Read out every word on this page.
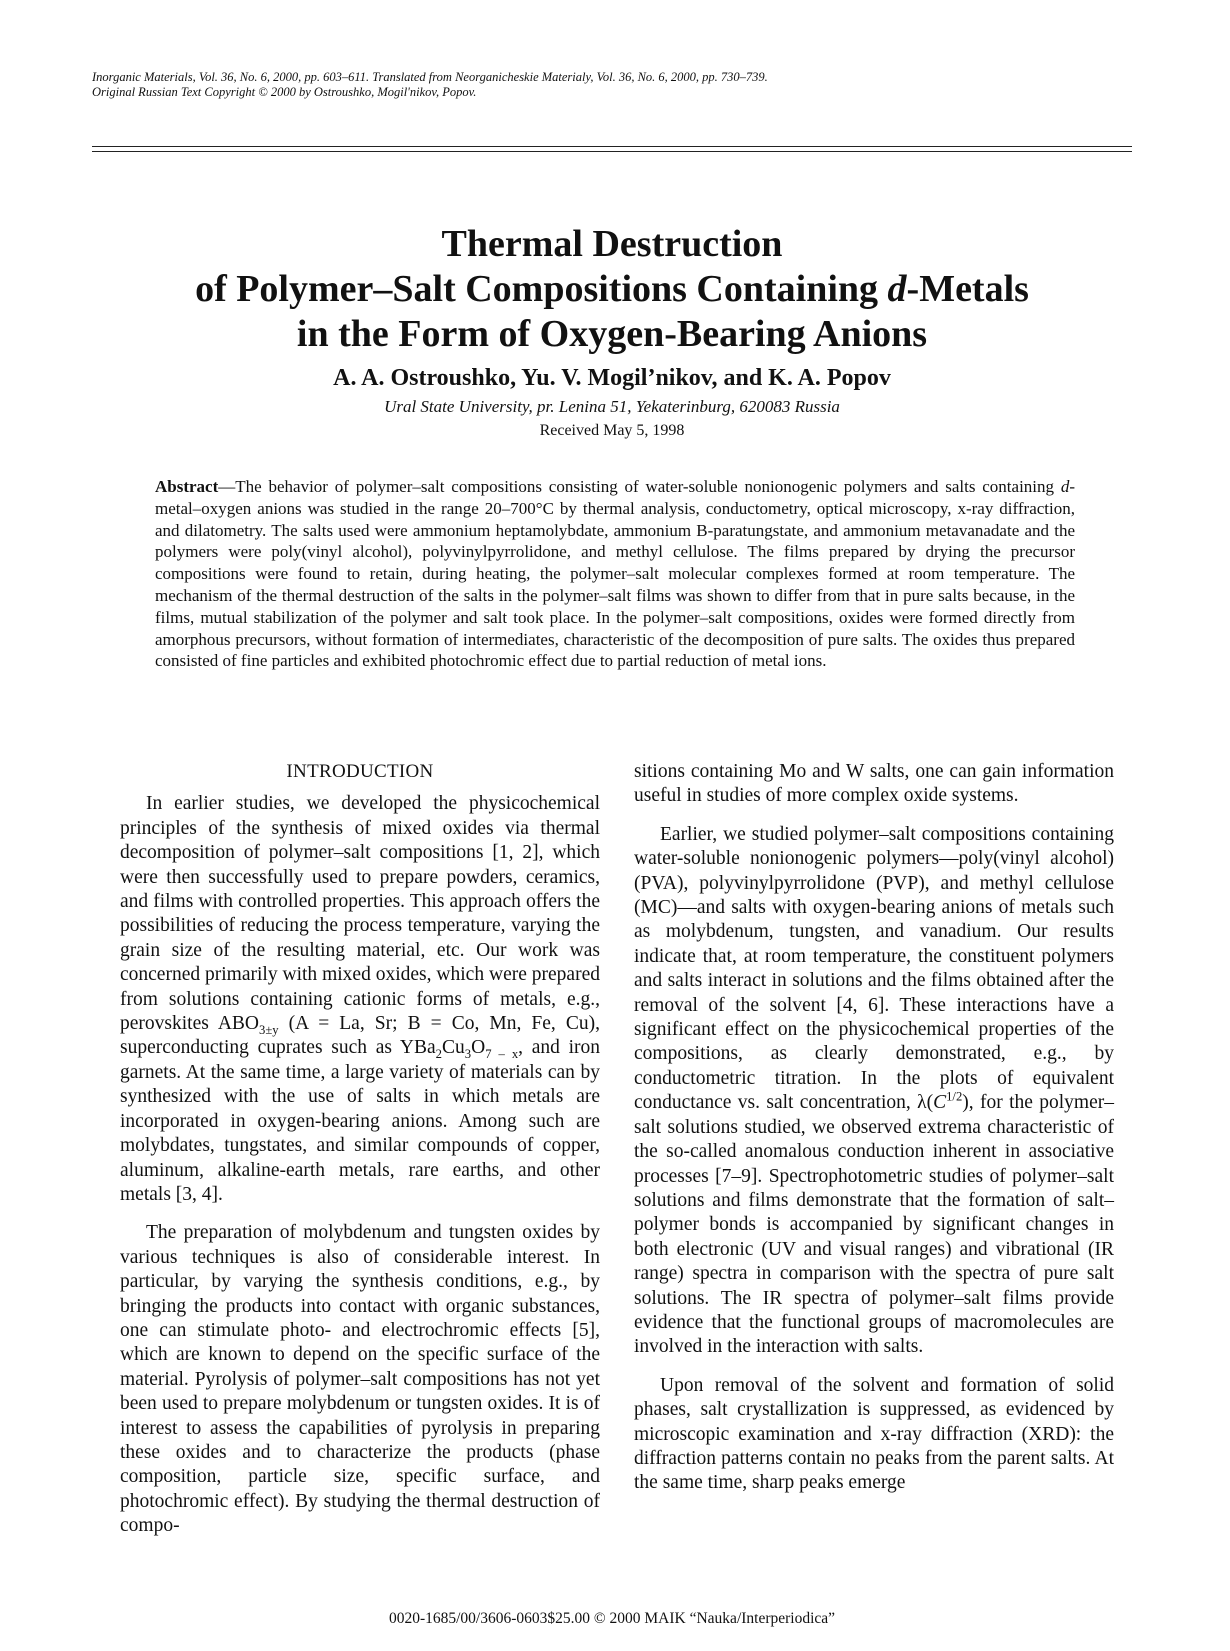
Inorganic Materials, Vol. 36, No. 6, 2000, pp. 603–611. Translated from Neorganicheskie Materialy, Vol. 36, No. 6, 2000, pp. 730–739.
Original Russian Text Copyright © 2000 by Ostroushko, Mogil'nikov, Popov.
Thermal Destruction
of Polymer–Salt Compositions Containing d-Metals
in the Form of Oxygen-Bearing Anions
A. A. Ostroushko, Yu. V. Mogil’nikov, and K. A. Popov
Ural State University, pr. Lenina 51, Yekaterinburg, 620083 Russia
Received May 5, 1998
Abstract—The behavior of polymer–salt compositions consisting of water-soluble nonionogenic polymers and salts containing d-metal–oxygen anions was studied in the range 20–700°C by thermal analysis, conductometry, optical microscopy, x-ray diffraction, and dilatometry. The salts used were ammonium heptamolybdate, ammonium B-paratungstate, and ammonium metavanadate and the polymers were poly(vinyl alcohol), polyvinylpyrrolidone, and methyl cellulose. The films prepared by drying the precursor compositions were found to retain, during heating, the polymer–salt molecular complexes formed at room temperature. The mechanism of the thermal destruction of the salts in the polymer–salt films was shown to differ from that in pure salts because, in the films, mutual stabilization of the polymer and salt took place. In the polymer–salt compositions, oxides were formed directly from amorphous precursors, without formation of intermediates, characteristic of the decomposition of pure salts. The oxides thus prepared consisted of fine particles and exhibited photochromic effect due to partial reduction of metal ions.
INTRODUCTION

In earlier studies, we developed the physicochemical principles of the synthesis of mixed oxides via thermal decomposition of polymer–salt compositions [1, 2], which were then successfully used to prepare powders, ceramics, and films with controlled properties. This approach offers the possibilities of reducing the process temperature, varying the grain size of the resulting material, etc. Our work was concerned primarily with mixed oxides, which were prepared from solutions containing cationic forms of metals, e.g., perovskites $ABO_{3\pm y}$ (A = La, Sr; B = Co, Mn, Fe, Cu), superconducting cuprates such as $YBa_2Cu_3O_{7 - x}$, and iron garnets. At the same time, a large variety of materials can by synthesized with the use of salts in which metals are incorporated in oxygen-bearing anions. Among such are molybdates, tungstates, and similar compounds of copper, aluminum, alkaline-earth metals, rare earths, and other metals [3, 4].

The preparation of molybdenum and tungsten oxides by various techniques is also of considerable interest. In particular, by varying the synthesis conditions, e.g., by bringing the products into contact with organic substances, one can stimulate photo- and electrochromic effects [5], which are known to depend on the specific surface of the material. Pyrolysis of polymer–salt compositions has not yet been used to prepare molybdenum or tungsten oxides. It is of interest to assess the capabilities of pyrolysis in preparing these oxides and to characterize the products (phase composition, particle size, specific surface, and photochromic effect). By studying the thermal destruction of compo-

sitions containing Mo and W salts, one can gain information useful in studies of more complex oxide systems.

Earlier, we studied polymer–salt compositions containing water-soluble nonionogenic polymers—poly(vinyl alcohol) (PVA), polyvinylpyrrolidone (PVP), and methyl cellulose (MC)—and salts with oxygen-bearing anions of metals such as molybdenum, tungsten, and vanadium. Our results indicate that, at room temperature, the constituent polymers and salts interact in solutions and the films obtained after the removal of the solvent [4, 6]. These interactions have a significant effect on the physicochemical properties of the compositions, as clearly demonstrated, e.g., by conductometric titration. In the plots of equivalent conductance vs. salt concentration, $\lambda(C^{1/2})$, for the polymer–salt solutions studied, we observed extrema characteristic of the so-called anomalous conduction inherent in associative processes [7–9]. Spectrophotometric studies of polymer–salt solutions and films demonstrate that the formation of salt–polymer bonds is accompanied by significant changes in both electronic (UV and visual ranges) and vibrational (IR range) spectra in comparison with the spectra of pure salt solutions. The IR spectra of polymer–salt films provide evidence that the functional groups of macromolecules are involved in the interaction with salts.

Upon removal of the solvent and formation of solid phases, salt crystallization is suppressed, as evidenced by microscopic examination and x-ray diffraction (XRD): the diffraction patterns contain no peaks from the parent salts. At the same time, sharp peaks emerge

0020-1685/00/3606-0603$25.00 © 2000 MAIK “Nauka/Interperiodica”
